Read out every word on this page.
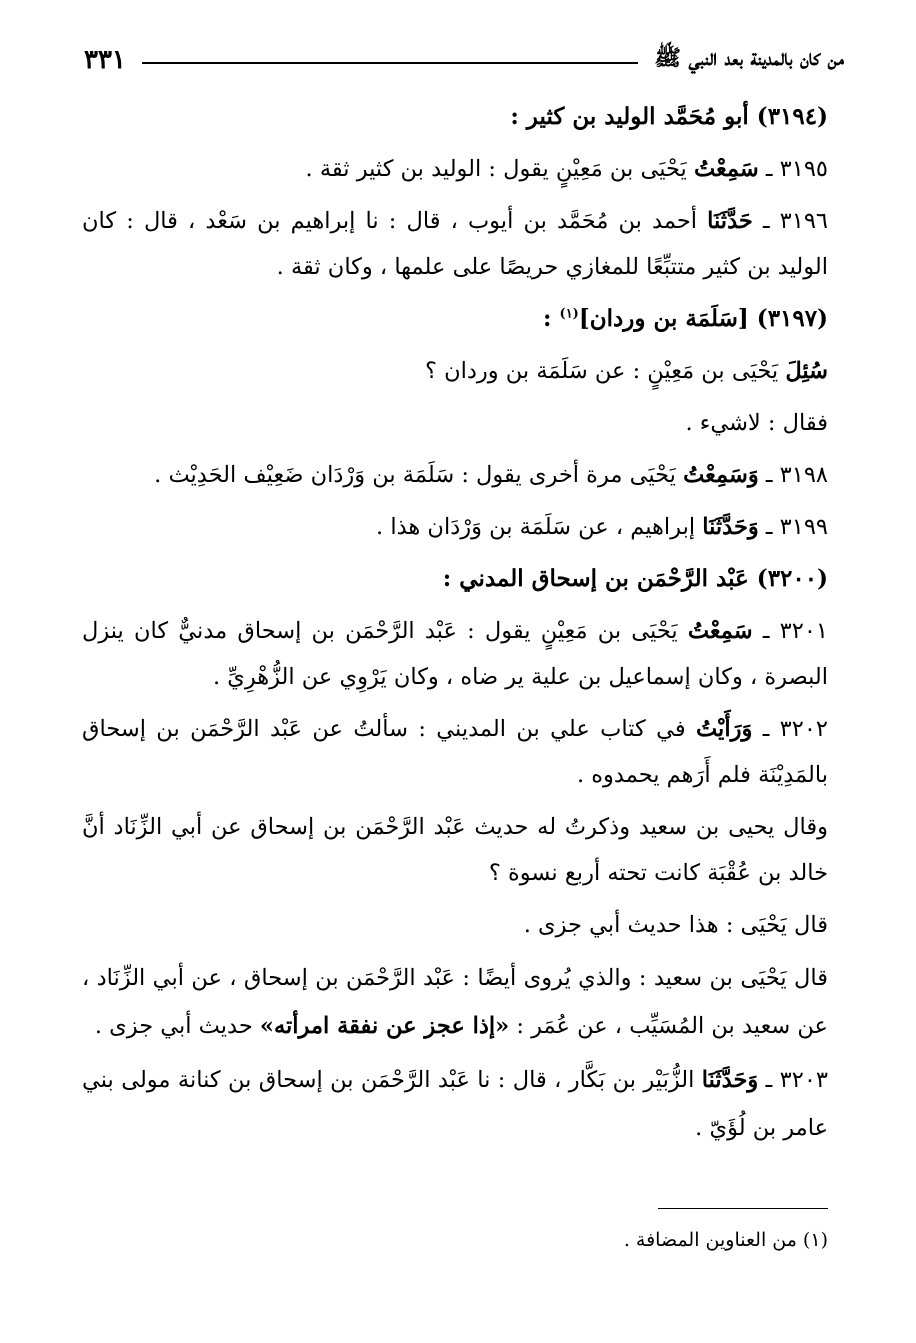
من كان بالمدينة بعد النبي ﷺ
٣٣١

(٣١٩٤) أبو مُحَمَّد الوليد بن كثير :

٣١٩٥ ـ سَمِعْتُ يَحْيَى بن مَعِيْنٍ يقول : الوليد بن كثير ثقة .

٣١٩٦ ـ حَدَّثَنَا أحمد بن مُحَمَّد بن أيوب ، قال : نا إبراهيم بن سَعْد ، قال : كان الوليد بن كثير متتبِّعًا للمغازي حريصًا على علمها ، وكان ثقة .

(٣١٩٧) [سَلَمَة بن وردان]$^{(١)}$ :

سُئِلَ يَحْيَى بن مَعِيْنٍ : عن سَلَمَة بن وردان ؟

فقال : لاشيء .

٣١٩٨ ـ وَسَمِعْتُ يَحْيَى مرة أخرى يقول : سَلَمَة بن وَرْدَان ضَعِيْف الحَدِيْث .

٣١٩٩ ـ وَحَدَّثَنَا إبراهيم ، عن سَلَمَة بن وَرْدَان هذا .

(٣٢٠٠) عَبْد الرَّحْمَن بن إسحاق المدني :

٣٢٠١ ـ سَمِعْتُ يَحْيَى بن مَعِيْنٍ يقول : عَبْد الرَّحْمَن بن إسحاق مدنيٌّ كان ينزل البصرة ، وكان إسماعيل بن علية ير ضاه ، وكان يَرْوِي عن الزُّهْرِيِّ .

٣٢٠٢ ـ وَرَأَيْتُ في كتاب علي بن المديني : سألتُ عن عَبْد الرَّحْمَن بن إسحاق بالمَدِيْنَة فلم أَرَهم يحمدوه .

وقال يحيى بن سعيد وذكرتُ له حديث عَبْد الرَّحْمَن بن إسحاق عن أبي الزِّنَاد أنَّ خالد بن عُقْبَة كانت تحته أربع نسوة ؟

قال يَحْيَى : هذا حديث أبي جزى .

قال يَحْيَى بن سعيد : والذي يُروى أيضًا : عَبْد الرَّحْمَن بن إسحاق ، عن أبي الزِّنَاد ، عن سعيد بن المُسَيِّب ، عن عُمَر : «إذا عجز عن نفقة امرأته» حديث أبي جزى .

٣٢٠٣ ـ وَحَدَّثَنَا الزُّبَيْر بن بَكَّار ، قال : نا عَبْد الرَّحْمَن بن إسحاق بن كنانة مولى بني عامر بن لُؤَيّ .

(١) من العناوين المضافة .
